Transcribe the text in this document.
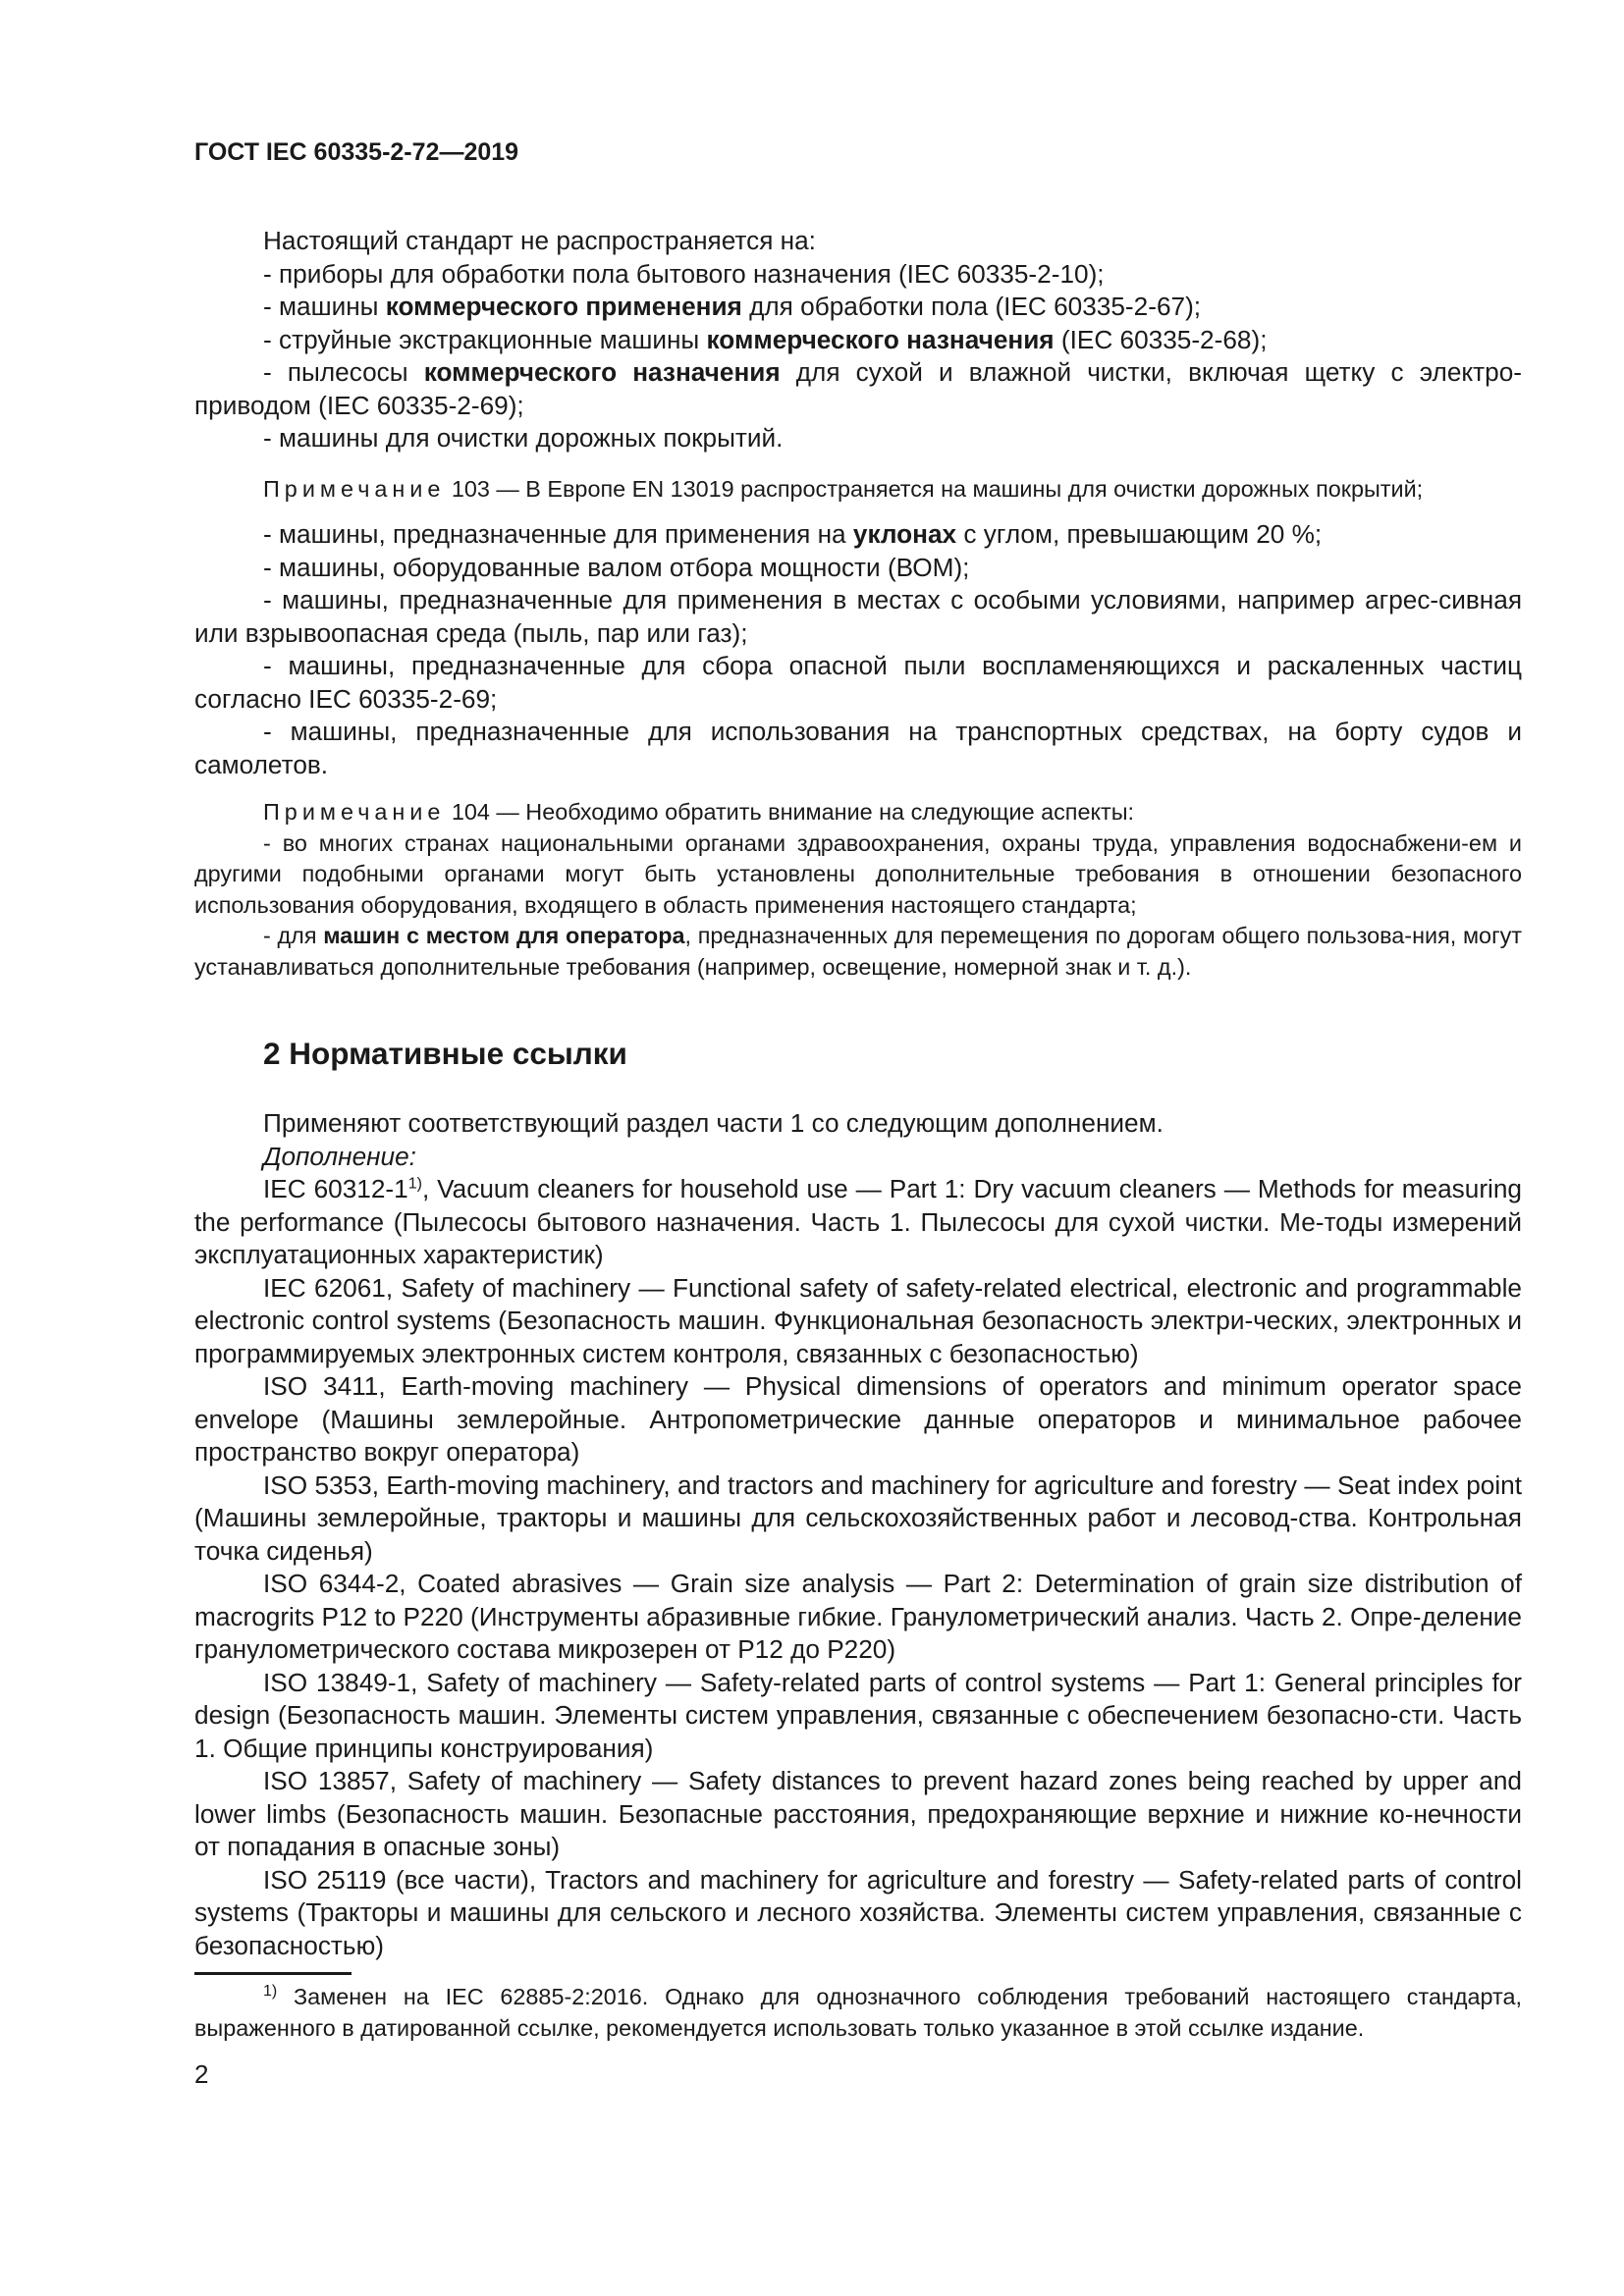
ГОСТ IEC 60335-2-72—2019

Настоящий стандарт не распространяется на:

- приборы для обработки пола бытового назначения (IEC 60335-2-10);

- машины коммерческого применения для обработки пола (IEC 60335-2-67);

- струйные экстракционные машины коммерческого назначения (IEC 60335-2-68);

- пылесосы коммерческого назначения для сухой и влажной чистки, включая щетку с электро-приводом (IEC 60335-2-69);

- машины для очистки дорожных покрытий.

Примечание 103 — В Европе EN 13019 распространяется на машины для очистки дорожных покрытий;

- машины, предназначенные для применения на уклонах с углом, превышающим 20 %;

- машины, оборудованные валом отбора мощности (ВОМ);

- машины, предназначенные для применения в местах с особыми условиями, например агрес-сивная или взрывоопасная среда (пыль, пар или газ);

- машины, предназначенные для сбора опасной пыли воспламеняющихся и раскаленных частиц согласно IEC 60335-2-69;

- машины, предназначенные для использования на транспортных средствах, на борту судов и самолетов.

Примечание 104 — Необходимо обратить внимание на следующие аспекты:

- во многих странах национальными органами здравоохранения, охраны труда, управления водоснабжени-ем и другими подобными органами могут быть установлены дополнительные требования в отношении безопасного использования оборудования, входящего в область применения настоящего стандарта;

- для машин с местом для оператора, предназначенных для перемещения по дорогам общего пользова-ния, могут устанавливаться дополнительные требования (например, освещение, номерной знак и т. д.).

2 Нормативные ссылки

Применяют соответствующий раздел части 1 со следующим дополнением.

Дополнение:

IEC 60312-1$^{1)}$, Vacuum cleaners for household use — Part 1: Dry vacuum cleaners — Methods for measuring the performance (Пылесосы бытового назначения. Часть 1. Пылесосы для сухой чистки. Ме-тоды измерений эксплуатационных характеристик)

IEC 62061, Safety of machinery — Functional safety of safety-related electrical, electronic and programmable electronic control systems (Безопасность машин. Функциональная безопасность электри-ческих, электронных и программируемых электронных систем контроля, связанных с безопасностью)

ISO 3411, Earth-moving machinery — Physical dimensions of operators and minimum operator space envelope (Машины землеройные. Антропометрические данные операторов и минимальное рабочее пространство вокруг оператора)

ISO 5353, Earth-moving machinery, and tractors and machinery for agriculture and forestry — Seat index point (Машины землеройные, тракторы и машины для сельскохозяйственных работ и лесовод-ства. Контрольная точка сиденья)

ISO 6344-2, Coated abrasives — Grain size analysis — Part 2: Determination of grain size distribution of macrogrits P12 to P220 (Инструменты абразивные гибкие. Гранулометрический анализ. Часть 2. Опре-деление гранулометрического состава микрозерен от Р12 до Р220)

ISO 13849-1, Safety of machinery — Safety-related parts of control systems — Part 1: General principles for design (Безопасность машин. Элементы систем управления, связанные с обеспечением безопасно-сти. Часть 1. Общие принципы конструирования)

ISO 13857, Safety of machinery — Safety distances to prevent hazard zones being reached by upper and lower limbs (Безопасность машин. Безопасные расстояния, предохраняющие верхние и нижние ко-нечности от попадания в опасные зоны)

ISO 25119 (все части), Tractors and machinery for agriculture and forestry — Safety-related parts of control systems (Тракторы и машины для сельского и лесного хозяйства. Элементы систем управления, связанные с безопасностью)

$^{1)}$ Заменен на IEC 62885-2:2016. Однако для однозначного соблюдения требований настоящего стандарта, выраженного в датированной ссылке, рекомендуется использовать только указанное в этой ссылке издание.

2
